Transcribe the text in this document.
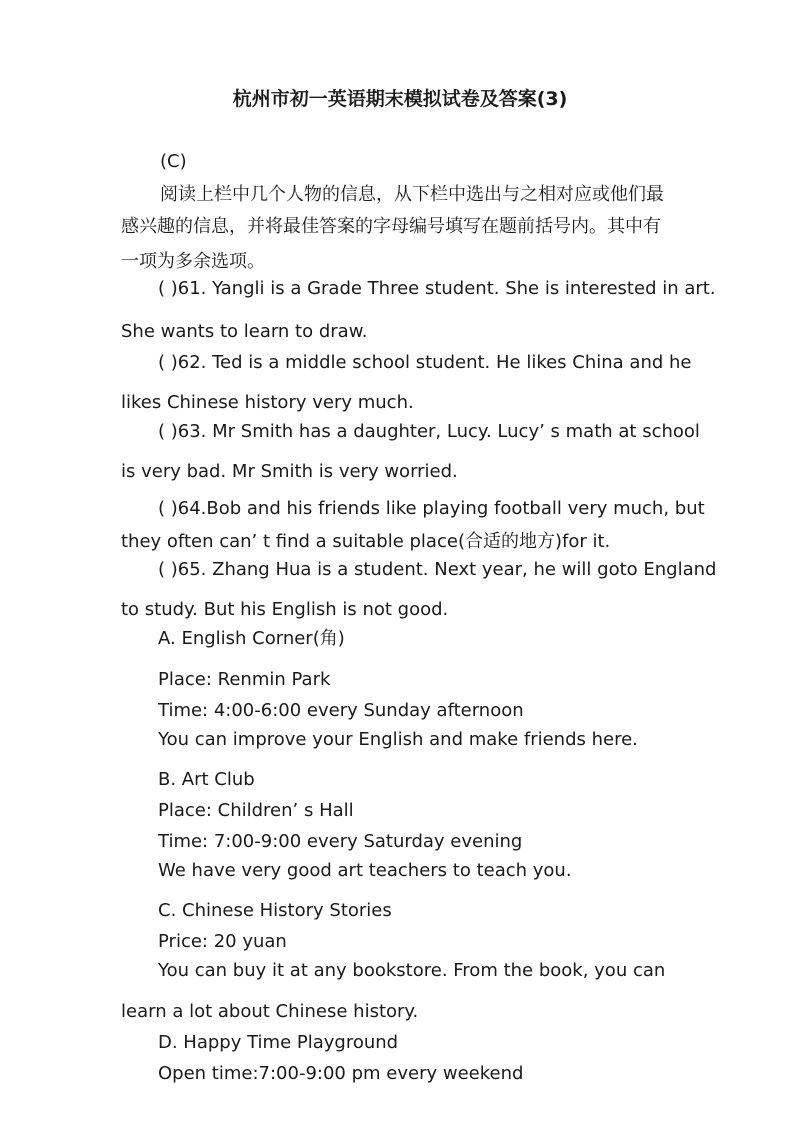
杭州市初一英语期末模拟试卷及答案(3)
(C)
阅读上栏中几个人物的信息，从下栏中选出与之相对应或他们最
感兴趣的信息，并将最佳答案的字母编号填写在题前括号内。其中有
一项为多余选项。
( )61. Yangli is a Grade Three student. She is interested in art.
She wants to learn to draw.
( )62. Ted is a middle school student. He likes China and he
likes Chinese history very much.
( )63. Mr Smith has a daughter, Lucy. Lucy’ s math at school
is very bad. Mr Smith is very worried.
( )64.Bob and his friends like playing football very much, but
they often can’ t find a suitable place(合适的地方)for it.
( )65. Zhang Hua is a student. Next year, he will goto England
to study. But his English is not good.
A. English Corner(角)
Place: Renmin Park
Time: 4:00-6:00 every Sunday afternoon
You can improve your English and make friends here.
B. Art Club
Place: Children’ s Hall
Time: 7:00-9:00 every Saturday evening
We have very good art teachers to teach you.
C. Chinese History Stories
Price: 20 yuan
You can buy it at any bookstore. From the book, you can
learn a lot about Chinese history.
D. Happy Time Playground
Open time:7:00-9:00 pm every weekend
